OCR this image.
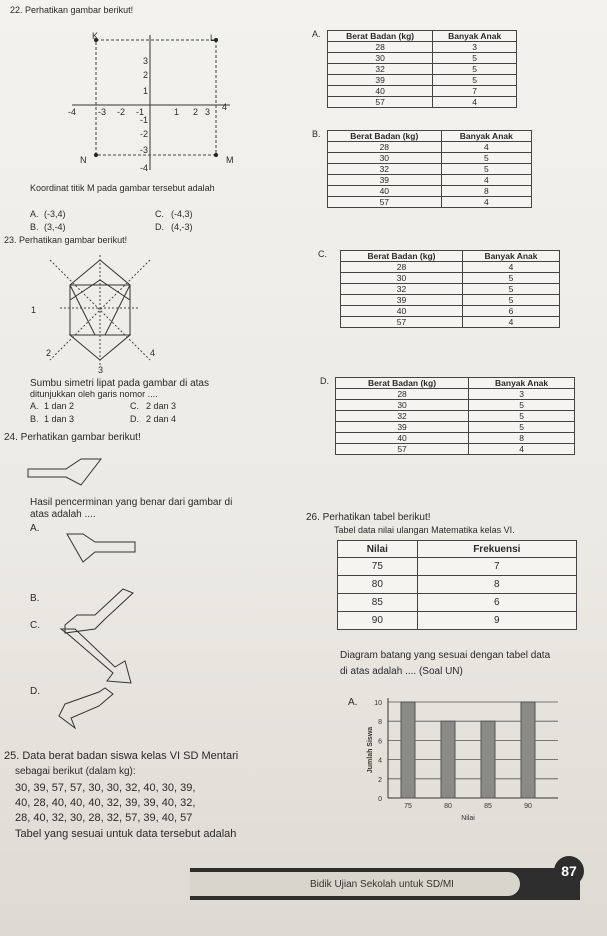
22. Perhatikan gambar berikut!
K	L
N	M
-4 -3 -2 -1	1 2 3 4
3
2
1
-1
-2
-3
-4
Koordinat titik M pada gambar tersebut adalah
A. (-3,4)
B. (3,-4)
C. (-4,3)
D. (4,-3)
23. Perhatikan gambar berikut!
1
2
3
4
Sumbu simetri lipat pada gambar di atas
ditunjukkan oleh garis nomor ....
A. 1 dan 2
B. 1 dan 3
C. 2 dan 3
D. 2 dan 4
24. Perhatikan gambar berikut!
Hasil pencerminan yang benar dari gambar di
atas adalah ....
A.
B.
C.
D.
25. Data berat badan siswa kelas VI SD Mentari
sebagai berikut (dalam kg):
30, 39, 57, 57, 30, 30, 32, 40, 30, 39,
40, 28, 40, 40, 40, 32, 39, 39, 40, 32,
28, 40, 32, 30, 28, 32, 57, 39, 40, 57
Tabel yang sesuai untuk data tersebut adalah
A.	Berat Badan (kg)	Banyak Anak
28	3
30	5
32	5
39	5
40	7
57	4
B.	Berat Badan (kg)	Banyak Anak
28	4
30	5
32	5
39	4
40	8
57	4
C.	Berat Badan (kg)	Banyak Anak
28	4
30	5
32	5
39	5
40	6
57	4
D.	Berat Badan (kg)	Banyak Anak
28	3
30	5
32	5
39	5
40	8
57	4
26. Perhatikan tabel berikut!
Tabel data nilai ulangan Matematika kelas VI.
Nilai	Frekuensi
75	7
80	8
85	6
90	9
Diagram batang yang sesuai dengan tabel data
di atas adalah .... (Soal UN)
A.
0
2
4
6
8
10
75	80	85	90
Nilai
Jumlah Siswa
Bidik Ujian Sekolah untuk SD/MI
87
